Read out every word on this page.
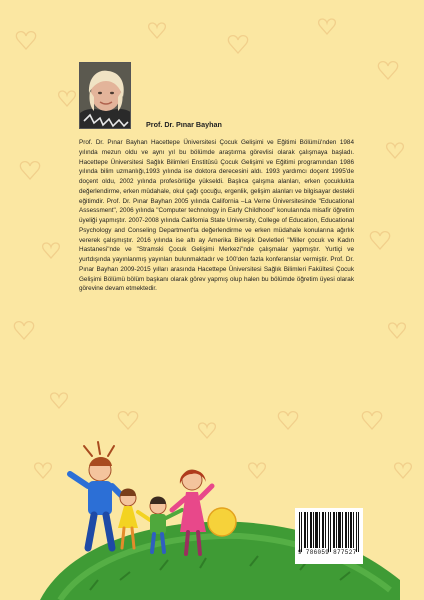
Prof. Dr. Pınar Bayhan

Prof. Dr. Pınar Bayhan Hacettepe Üniversitesi Çocuk Gelişimi ve Eğitimi Bölümü'nden 1984 yılında mezun oldu ve aynı yıl bu bölümde araştırma görevlisi olarak çalışmaya başladı. Hacettepe Üniversitesi Sağlık Bilimleri Enstitüsü Çocuk Gelişimi ve Eğitimi programından 1986 yılında bilim uzmanlığı,1993 yılında ise doktora derecesini aldı. 1993 yardımcı doçent 1995'de doçent oldu, 2002 yılında profesörlüğe yükseldi. Başlıca çalışma alanları, erken çocuklukta değerlendirme, erken müdahale, okul çağı çocuğu, ergenlik, gelişim alanları ve bilgisayar destekli eğitimdir. Prof. Dr. Pınar Bayhan 2005 yılında California –La Verne Üniversitesinde "Educational Assessment", 2006 yılında "Computer technology in Early Childhood" konularında misafir öğretim üyeliği yapmıştır. 2007-2008 yılında California State University, College of Education, Educational Psychology and Conseling Department'ta değerlendirme ve erken müdahale konularına ağırlık vererek çalışmıştır. 2016 yılında ise altı ay Amerika Birleşik Devletleri "Miller çocuk ve Kadın Hastanesi"nde ve "Stramski Çocuk Gelişimi Merkezi"nde çalışmalar yapmıştır. Yurtiçi ve yurtdışında yayınlanmış yayınları bulunmaktadır ve 100'den fazla konferanslar vermiştir. Prof. Dr. Pınar Bayhan 2009-2015 yılları arasında Hacettepe Üniversitesi Sağlık Bilimleri Fakültesi Çocuk Gelişimi Bölümü bölüm başkanı olarak görev yapmış olup halen bu bölümde öğretim üyesi olarak görevine devam etmektedir.

9 786059 877527
